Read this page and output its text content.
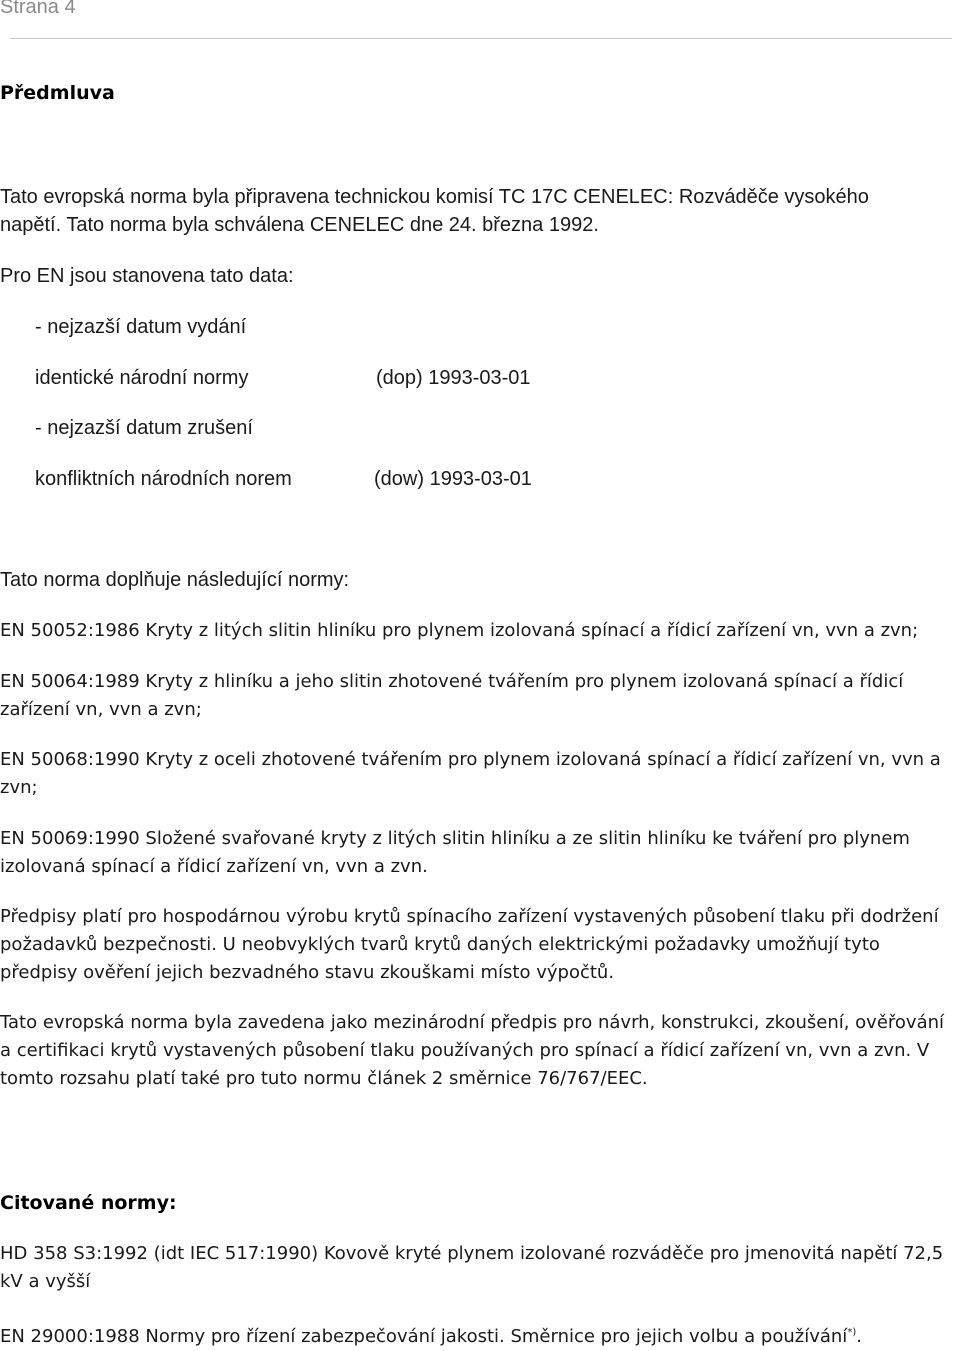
Strana 4
Předmluva
Tato evropská norma byla připravena technickou komisí TC 17C CENELEC: Rozváděče vysokého
napětí. Tato norma byla schválena CENELEC dne 24. března 1992.
Pro EN jsou stanovena tato data:
- nejzazší datum vydání
identické národní normy	(dop) 1993-03-01
- nejzazší datum zrušení
konfliktních národních norem	(dow) 1993-03-01
Tato norma doplňuje následující normy:
EN 50052:1986 Kryty z litých slitin hliníku pro plynem izolovaná spínací a řídicí zařízení vn, vvn a zvn;
EN 50064:1989 Kryty z hliníku a jeho slitin zhotovené tvářením pro plynem izolovaná spínací a řídicí zařízení vn, vvn a zvn;
EN 50068:1990 Kryty z oceli zhotovené tvářením pro plynem izolovaná spínací a řídicí zařízení vn, vvn a zvn;
EN 50069:1990 Složené svařované kryty z litých slitin hliníku a ze slitin hliníku ke tváření pro plynem izolovaná spínací a řídicí zařízení vn, vvn a zvn.
Předpisy platí pro hospodárnou výrobu krytů spínacího zařízení vystavených působení tlaku při dodržení požadavků bezpečnosti. U neobvyklých tvarů krytů daných elektrickými požadavky umožňují tyto předpisy ověření jejich bezvadného stavu zkouškami místo výpočtů.
Tato evropská norma byla zavedena jako mezinárodní předpis pro návrh, konstrukci, zkoušení, ověřování a certifikaci krytů vystavených působení tlaku používaných pro spínací a řídicí zařízení vn, vvn a zvn. V tomto rozsahu platí také pro tuto normu článek 2 směrnice 76/767/EEC.
Citované normy:
HD 358 S3:1992 (idt IEC 517:1990) Kovově kryté plynem izolované rozváděče pro jmenovitá napětí 72,5 kV a vyšší
EN 29000:1988 Normy pro řízení zabezpečování jakosti. Směrnice pro jejich volbu a používání*).
